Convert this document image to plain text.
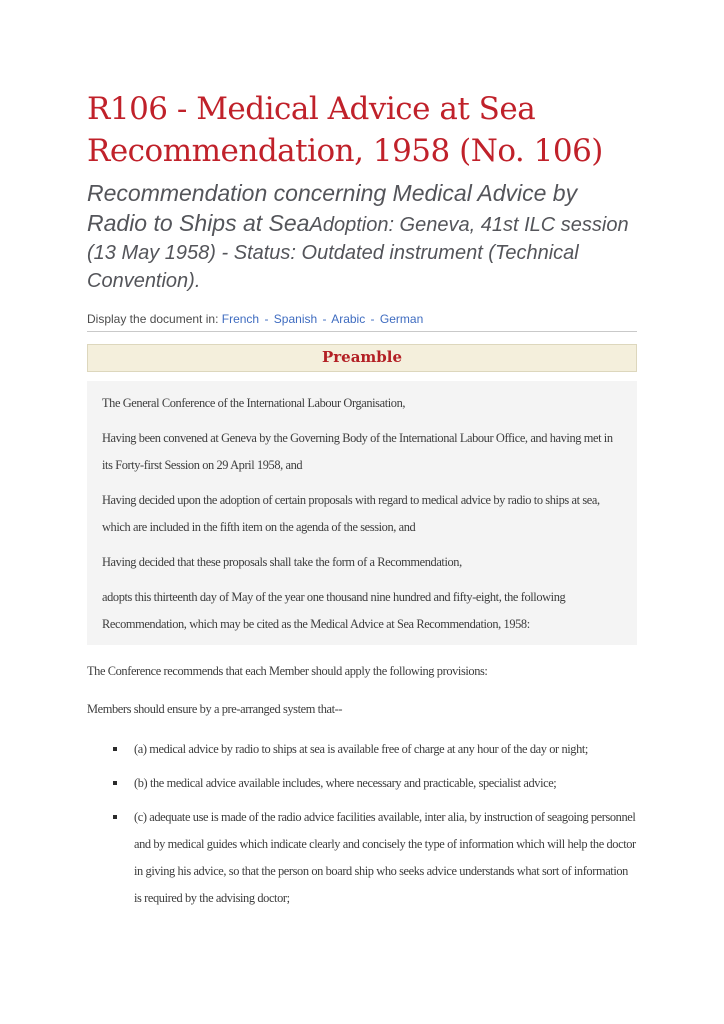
R106 - Medical Advice at Sea Recommendation, 1958 (No. 106)

Recommendation concerning Medical Advice by Radio to Ships at SeaAdoption: Geneva, 41st ILC session (13 May 1958) - Status: Outdated instrument (Technical Convention).

Display the document in: French - Spanish - Arabic - German
Preamble

The General Conference of the International Labour Organisation,

Having been convened at Geneva by the Governing Body of the International Labour Office, and having met in its Forty-first Session on 29 April 1958, and

Having decided upon the adoption of certain proposals with regard to medical advice by radio to ships at sea, which are included in the fifth item on the agenda of the session, and

Having decided that these proposals shall take the form of a Recommendation,

adopts this thirteenth day of May of the year one thousand nine hundred and fifty-eight, the following Recommendation, which may be cited as the Medical Advice at Sea Recommendation, 1958:

The Conference recommends that each Member should apply the following provisions:

Members should ensure by a pre-arranged system that--

(a) medical advice by radio to ships at sea is available free of charge at any hour of the day or night;
(b) the medical advice available includes, where necessary and practicable, specialist advice;
(c) adequate use is made of the radio advice facilities available, inter alia, by instruction of seagoing personnel and by medical guides which indicate clearly and concisely the type of information which will help the doctor in giving his advice, so that the person on board ship who seeks advice understands what sort of information is required by the advising doctor;
